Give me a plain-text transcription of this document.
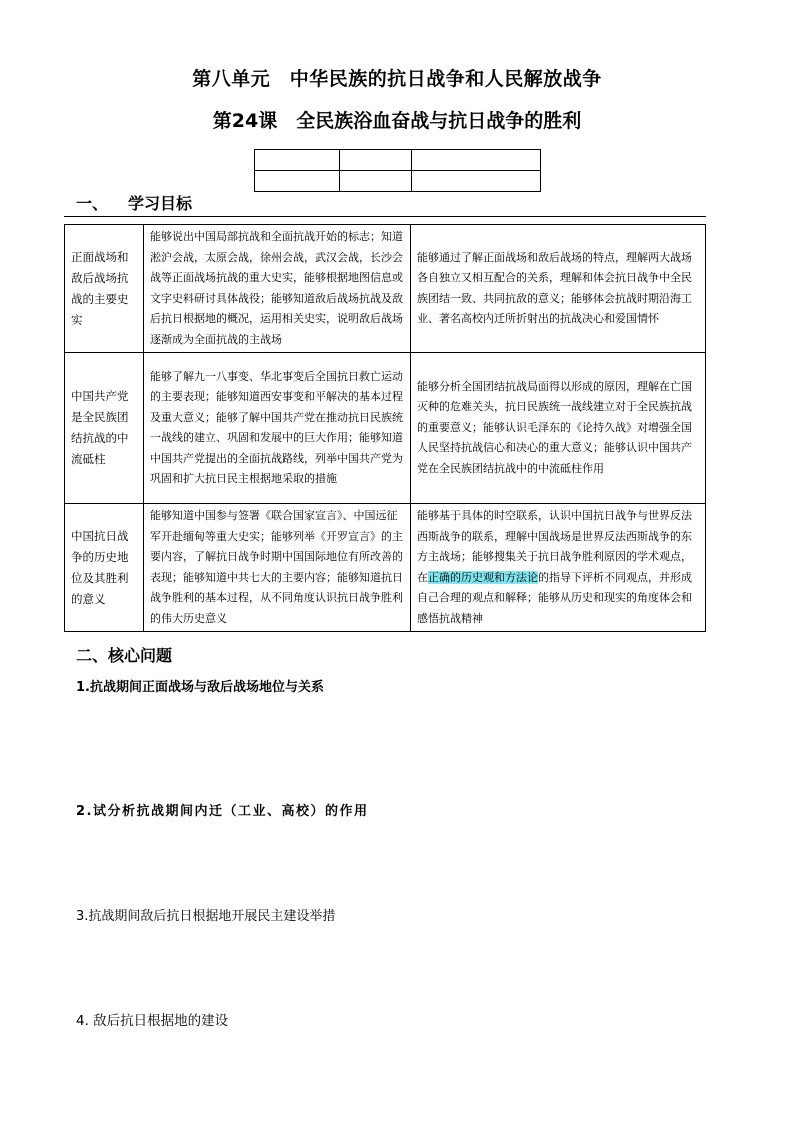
第八单元　中华民族的抗日战争和人民解放战争
第24课　全民族浴血奋战与抗日战争的胜利

一、 学习目标
正面战场和敌后战场抗战的主要史实	能够说出中国局部抗战和全面抗战开始的标志；知道淞沪会战，太原会战，徐州会战，武汉会战，长沙会战等正面战场抗战的重大史实，能够根据地图信息或文字史料研讨具体战役；能够知道敌后战场抗战及敌后抗日根据地的概况，运用相关史实，说明敌后战场逐渐成为全面抗战的主战场	能够通过了解正面战场和敌后战场的特点，理解两大战场各自独立又相互配合的关系，理解和体会抗日战争中全民族团结一致、共同抗敌的意义；能够体会抗战时期沿海工业、著名高校内迁所折射出的抗战决心和爱国情怀
中国共产党是全民族团结抗战的中流砥柱	能够了解九一八事变、华北事变后全国抗日救亡运动的主要表现；能够知道西安事变和平解决的基本过程及重大意义；能够了解中国共产党在推动抗日民族统一战线的建立、巩固和发展中的巨大作用；能够知道中国共产党提出的全面抗战路线，列举中国共产党为巩固和扩大抗日民主根据地采取的措施	能够分析全国团结抗战局面得以形成的原因，理解在亡国灭种的危难关头，抗日民族统一战线建立对于全民族抗战的重要意义；能够认识毛泽东的《论持久战》对增强全国人民坚持抗战信心和决心的重大意义；能够认识中国共产党在全民族团结抗战中的中流砥柱作用
中国抗日战争的历史地位及其胜利的意义	能够知道中国参与签署《联合国家宣言》、中国远征军开赴缅甸等重大史实；能够列举《开罗宣言》的主要内容，了解抗日战争时期中国国际地位有所改善的表现；能够知道中共七大的主要内容；能够知道抗日战争胜利的基本过程，从不同角度认识抗日战争胜利的伟大历史意义	能够基于具体的时空联系，认识中国抗日战争与世界反法西斯战争的联系，理解中国战场是世界反法西斯战争的东方主战场；能够搜集关于抗日战争胜利原因的学术观点，在正确的历史观和方法论的指导下评析不同观点，并形成自己合理的观点和解释；能够从历史和现实的角度体会和感悟抗战精神
二、核心问题
1.抗战期间正面战场与敌后战场地位与关系
2.试分析抗战期间内迁（工业、高校）的作用
3.抗战期间敌后抗日根据地开展民主建设举措
4. 敌后抗日根据地的建设
